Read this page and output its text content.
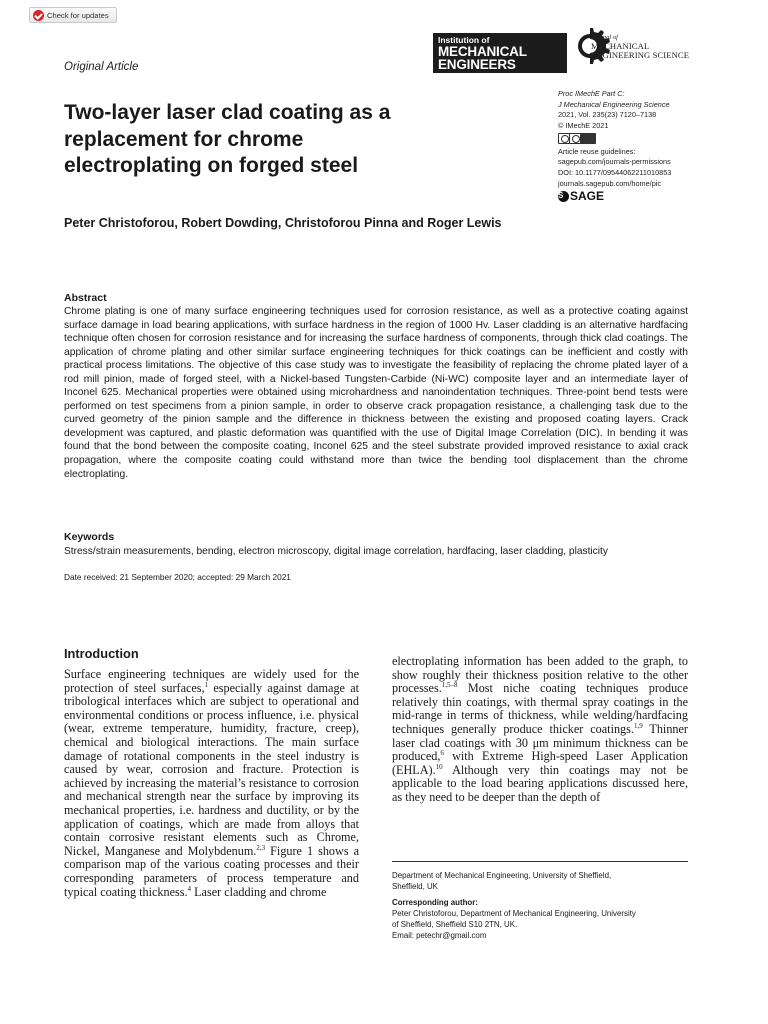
Check for updates
Original Article
Institution of
MECHANICAL
ENGINEERS
Journal of
MECHANICAL
ENGINEERING SCIENCE
Two-layer laser clad coating as a replacement for chrome electroplating on forged steel
Proc IMechE Part C:
J Mechanical Engineering Science
2021, Vol. 235(23) 7120–7138
© IMechE 2021
Article reuse guidelines:
sagepub.com/journals-permissions
DOI: 10.1177/09544062211010853
journals.sagepub.com/home/pic
S SAGE
Peter Christoforou, Robert Dowding, Christoforou Pinna and Roger Lewis
Abstract

Chrome plating is one of many surface engineering techniques used for corrosion resistance, as well as a protective coating against surface damage in load bearing applications, with surface hardness in the region of 1000 Hv. Laser cladding is an alternative hardfacing technique often chosen for corrosion resistance and for increasing the surface hardness of components, through thick clad coatings. The application of chrome plating and other similar surface engineering techniques for thick coatings can be inefficient and costly with practical process limitations. The objective of this case study was to investigate the feasibility of replacing the chrome plated layer of a rod mill pinion, made of forged steel, with a Nickel-based Tungsten-Carbide (Ni-WC) composite layer and an intermediate layer of Inconel 625. Mechanical properties were obtained using microhardness and nanoindentation techniques. Three-point bend tests were performed on test specimens from a pinion sample, in order to observe crack propagation resistance, a challenging task due to the curved geometry of the pinion sample and the difference in thickness between the existing and proposed coating layers. Crack development was captured, and plastic deformation was quantified with the use of Digital Image Correlation (DIC). In bending it was found that the bond between the composite coating, Inconel 625 and the steel substrate provided improved resistance to axial crack propagation, where the composite coating could withstand more than twice the bending tool displacement than the chrome electroplating.

Keywords
Stress/strain measurements, bending, electron microscopy, digital image correlation, hardfacing, laser cladding, plasticity
Date received: 21 September 2020; accepted: 29 March 2021
Introduction

Surface engineering techniques are widely used for the protection of steel surfaces,$^1$ especially against damage at tribological interfaces which are subject to operational and environmental conditions or process influence, i.e. physical (wear, extreme temperature, humidity, fracture, creep), chemical and biological interactions. The main surface damage of rotational components in the steel industry is caused by wear, corrosion and fracture. Protection is achieved by increasing the material’s resistance to corrosion and mechanical strength near the surface by improving its mechanical properties, i.e. hardness and ductility, or by the application of coatings, which are made from alloys that contain corrosive resistant elements such as Chrome, Nickel, Manganese and Molybdenum.$^{2,3}$ Figure 1 shows a comparison map of the various coating processes and their corresponding parameters of process temperature and typical coating thickness.$^4$ Laser cladding and chrome

electroplating information has been added to the graph, to show roughly their thickness position relative to the other processes.$^{1,5-8}$ Most niche coating techniques produce relatively thin coatings, with thermal spray coatings in the mid-range in terms of thickness, while welding/hardfacing techniques generally produce thicker coatings.$^{1,9}$ Thinner laser clad coatings with 30 μm minimum thickness can be produced,$^6$ with Extreme High-speed Laser Application (EHLA).$^{10}$ Although very thin coatings may not be applicable to the load bearing applications discussed here, as they need to be deeper than the depth of

Department of Mechanical Engineering, University of Sheffield,
Sheffield, UK
Corresponding author:
Peter Christoforou, Department of Mechanical Engineering, University
of Sheffield, Sheffield S10 2TN, UK.
Email: petechr@gmail.com
